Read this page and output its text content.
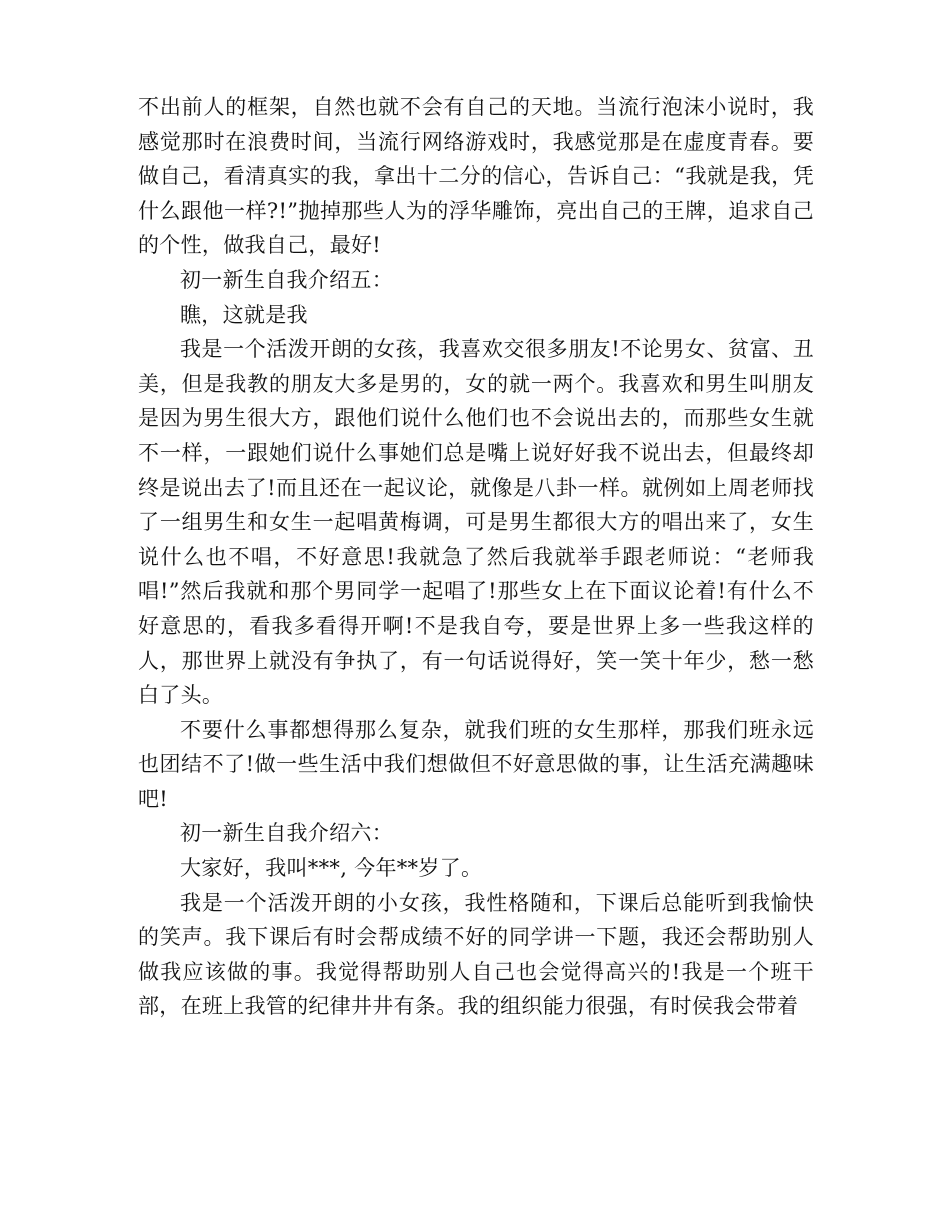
不出前人的框架，自然也就不会有自己的天地。当流行泡沫小说时，我感觉那时在浪费时间，当流行网络游戏时，我感觉那是在虚度青春。要做自己，看清真实的我，拿出十二分的信心，告诉自己：“我就是我，凭什么跟他一样?!”抛掉那些人为的浮华雕饰，亮出自己的王牌，追求自己的个性，做我自己，最好!

初一新生自我介绍五：

瞧，这就是我

我是一个活泼开朗的女孩，我喜欢交很多朋友!不论男女、贫富、丑美，但是我教的朋友大多是男的，女的就一两个。我喜欢和男生叫朋友是因为男生很大方，跟他们说什么他们也不会说出去的，而那些女生就不一样，一跟她们说什么事她们总是嘴上说好好我不说出去，但最终却终是说出去了!而且还在一起议论，就像是八卦一样。就例如上周老师找了一组男生和女生一起唱黄梅调，可是男生都很大方的唱出来了，女生说什么也不唱，不好意思!我就急了然后我就举手跟老师说：“老师我唱!”然后我就和那个男同学一起唱了!那些女上在下面议论着!有什么不好意思的，看我多看得开啊!不是我自夸，要是世界上多一些我这样的人，那世界上就没有争执了，有一句话说得好，笑一笑十年少，愁一愁白了头。

不要什么事都想得那么复杂，就我们班的女生那样，那我们班永远也团结不了!做一些生活中我们想做但不好意思做的事，让生活充满趣味吧!

初一新生自我介绍六：

大家好，我叫***, 今年**岁了。

我是一个活泼开朗的小女孩，我性格随和，下课后总能听到我愉快的笑声。我下课后有时会帮成绩不好的同学讲一下题，我还会帮助别人做我应该做的事。我觉得帮助别人自己也会觉得高兴的!我是一个班干部，在班上我管的纪律井井有条。我的组织能力很强，有时侯我会带着
